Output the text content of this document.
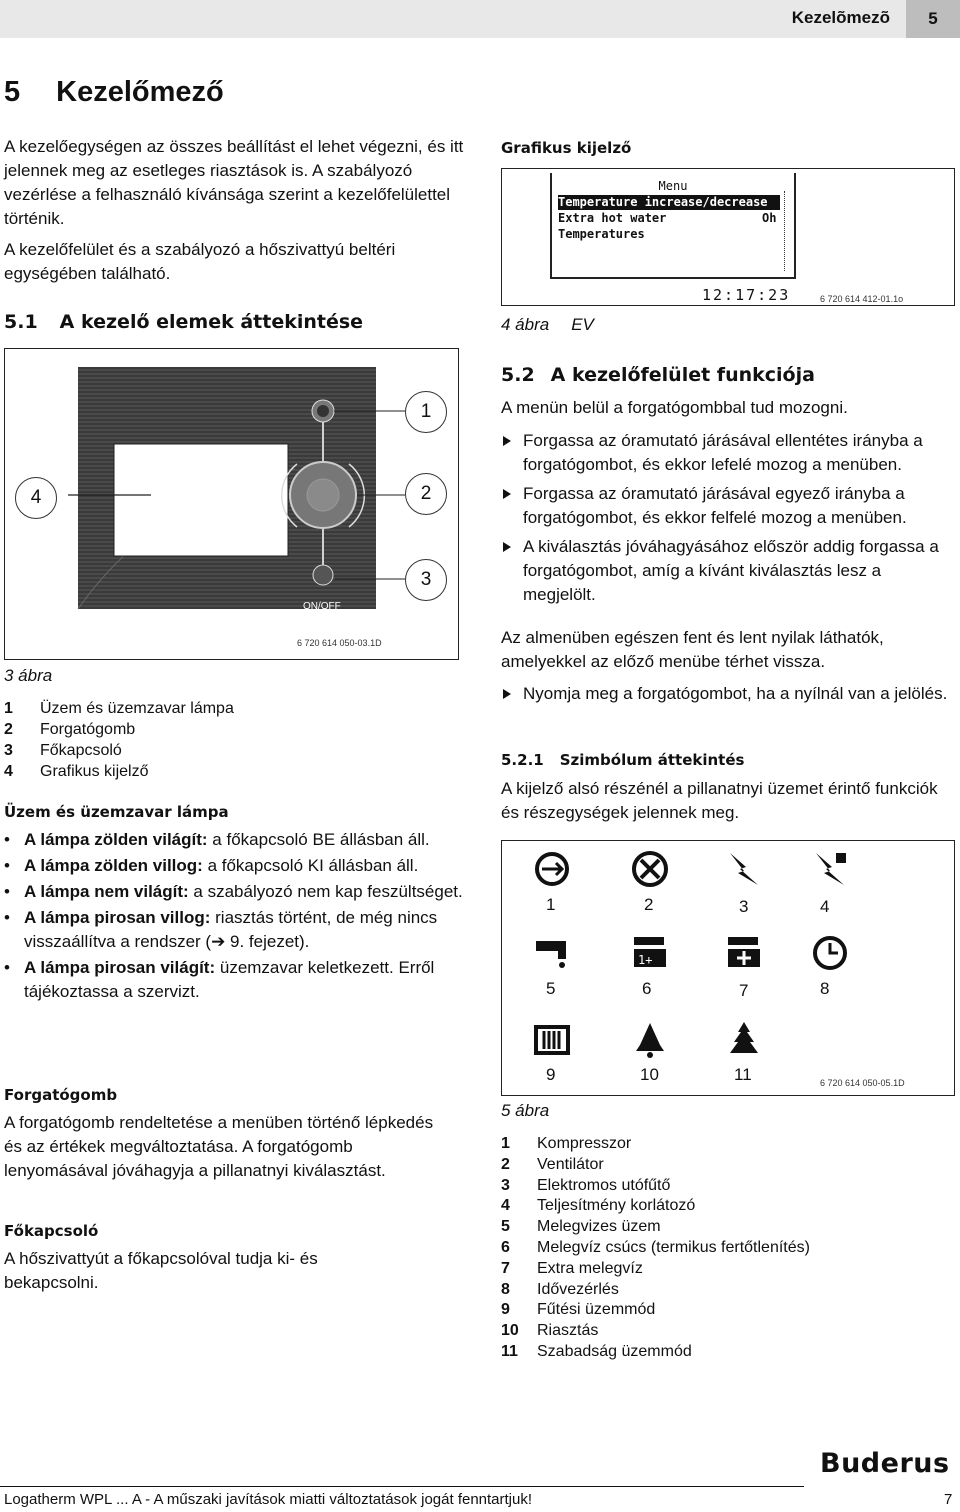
Kezelõmezõ	5
5 Kezelőmező

A kezelőegységen az összes beállítást el lehet végezni, és itt jelennek meg az esetleges riasztások is. A szabályozó vezérlése a felhasználó kívánsága szerint a kezelőfelülettel történik.

A kezelőfelület és a szabályozó a hőszivattyú beltéri egységében található.

5.1 A kezelő elemek áttekintése
1
2
3
4
ON/OFF
6 720 614 050-03.1D
3 ábra
1 Üzem és üzemzavar lámpa
2 Forgatógomb
3 Főkapcsoló
4 Grafikus kijelző
Üzem és üzemzavar lámpa
• A lámpa zölden világít: a főkapcsoló BE állásban áll.
• A lámpa zölden villog: a főkapcsoló KI állásban áll.
• A lámpa nem világít: a szabályozó nem kap feszültséget.
• A lámpa pirosan villog: riasztás történt, de még nincs visszaállítva a rendszer (➔ 9. fejezet).
• A lámpa pirosan világít: üzemzavar keletkezett. Erről tájékoztassa a szervizt.
Forgatógomb

A forgatógomb rendeltetése a menüben történő lépkedés és az értékek megváltoztatása. A forgatógomb lenyomásával jóváhagyja a pillanatnyi kiválasztást.

Főkapcsoló

A hőszivattyút a főkapcsolóval tudja ki- és bekapcsolni.

Grafikus kijelző
Menu
Temperature increase/decrease
Extra hot water	Oh
Temperatures
12:17:23	6 720 614 412-01.1o
4 ábra EV
5.2 A kezelőfelület funkciója

A menün belül a forgatógombbal tud mozogni.

Forgassa az óramutató járásával ellentétes irányba a forgatógombot, és ekkor lefelé mozog a menüben.
Forgassa az óramutató járásával egyező irányba a forgatógombot, és ekkor felfelé mozog a menüben.
A kiválasztás jóváhagyásához először addig forgassa a forgatógombot, amíg a kívánt kiválasztás lesz a megjelölt.

Az almenüben egészen fent és lent nyilak láthatók, amelyekkel az előző menübe térhet vissza.

Nyomja meg a forgatógombot, ha a nyílnál van a jelölés.
5.2.1 Szimbólum áttekintés

A kijelző alsó részénél a pillanatnyi üzemet érintő funkciók és részegységek jelennek meg.

1+
1	2	3	4
5	6	7	8
9	10	11	6 720 614 050-05.1D
5 ábra
1 Kompresszor
2 Ventilátor
3 Elektromos utófűtő
4 Teljesítmény korlátozó
5 Melegvizes üzem
6 Melegvíz csúcs (termikus fertőtlenítés)
7 Extra melegvíz
8 Idővezérlés
9 Fűtési üzemmód
10 Riasztás
11 Szabadság üzemmód
Buderus
Logatherm WPL ... A - A műszaki javítások miatti változtatások jogát fenntartjuk!	7
